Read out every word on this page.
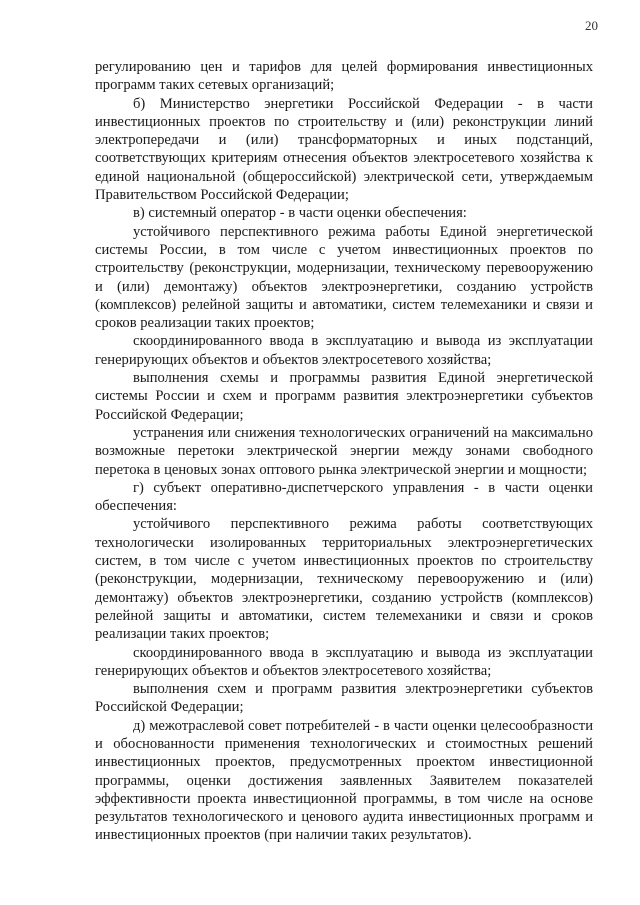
20

регулированию цен и тарифов для целей формирования инвестиционных программ таких сетевых организаций;

б) Министерство энергетики Российской Федерации - в части инвестиционных проектов по строительству и (или) реконструкции линий электропередачи и (или) трансформаторных и иных подстанций, соответствующих критериям отнесения объектов электросетевого хозяйства к единой национальной (общероссийской) электрической сети, утверждаемым Правительством Российской Федерации;

в) системный оператор - в части оценки обеспечения:

устойчивого перспективного режима работы Единой энергетической системы России, в том числе с учетом инвестиционных проектов по строительству (реконструкции, модернизации, техническому перевооружению и (или) демонтажу) объектов электроэнергетики, созданию устройств (комплексов) релейной защиты и автоматики, систем телемеханики и связи и сроков реализации таких проектов;

скоординированного ввода в эксплуатацию и вывода из эксплуатации генерирующих объектов и объектов электросетевого хозяйства;

выполнения схемы и программы развития Единой энергетической системы России и схем и программ развития электроэнергетики субъектов Российской Федерации;

устранения или снижения технологических ограничений на максимально возможные перетоки электрической энергии между зонами свободного перетока в ценовых зонах оптового рынка электрической энергии и мощности;

г) субъект оперативно-диспетчерского управления - в части оценки обеспечения:

устойчивого перспективного режима работы соответствующих технологически изолированных территориальных электроэнергетических систем, в том числе с учетом инвестиционных проектов по строительству (реконструкции, модернизации, техническому перевооружению и (или) демонтажу) объектов электроэнергетики, созданию устройств (комплексов) релейной защиты и автоматики, систем телемеханики и связи и сроков реализации таких проектов;

скоординированного ввода в эксплуатацию и вывода из эксплуатации генерирующих объектов и объектов электросетевого хозяйства;

выполнения схем и программ развития электроэнергетики субъектов Российской Федерации;

д) межотраслевой совет потребителей - в части оценки целесообразности и обоснованности применения технологических и стоимостных решений инвестиционных проектов, предусмотренных проектом инвестиционной программы, оценки достижения заявленных Заявителем показателей эффективности проекта инвестиционной программы, в том числе на основе результатов технологического и ценового аудита инвестиционных программ и инвестиционных проектов (при наличии таких результатов).
